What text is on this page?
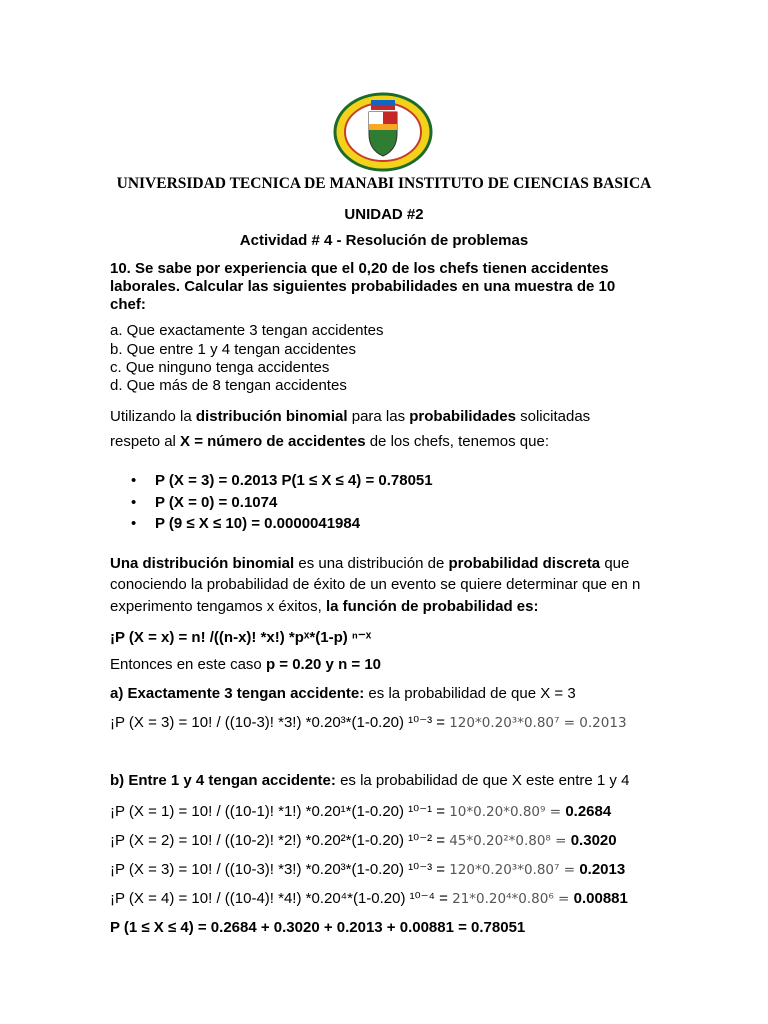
UNIVERSIDAD TECNICA DE MANABI INSTITUTO DE CIENCIAS BASICA
UNIDAD #2
Actividad # 4 - Resolución de problemas
10. Se sabe por experiencia que el 0,20 de los chefs tienen accidentes
laborales. Calcular las siguientes probabilidades en una muestra de 10
chef:
a. Que exactamente 3 tengan accidentes
b. Que entre 1 y 4 tengan accidentes
c. Que ninguno tenga accidentes
d. Que más de 8 tengan accidentes
Utilizando la distribución binomial para las probabilidades solicitadas
respeto al X = número de accidentes de los chefs, tenemos que:
• P (X = 3) = 0.2013 P(1 ≤ X ≤ 4) = 0.78051
• P (X = 0) = 0.1074
• P (9 ≤ X ≤ 10) = 0.0000041984
Una distribución binomial es una distribución de probabilidad discreta que
conociendo la probabilidad de éxito de un evento se quiere determinar que en n
experimento tengamos x éxitos, la función de probabilidad es:
¡P (X = x) = n! /((n-x)! *x!) *pˣ*(1-p) ⁿ⁻ˣ
Entonces en este caso p = 0.20 y n = 10
a) Exactamente 3 tengan accidente: es la probabilidad de que X = 3
¡P (X = 3) = 10! / ((10-3)! *3!) *0.20³*(1-0.20) ¹⁰⁻³ = 120*0.20³*0.80⁷ = 0.2013
b) Entre 1 y 4 tengan accidente: es la probabilidad de que X este entre 1 y 4
¡P (X = 1) = 10! / ((10-1)! *1!) *0.20¹*(1-0.20) ¹⁰⁻¹ = 10*0.20*0.80⁹ = 0.2684
¡P (X = 2) = 10! / ((10-2)! *2!) *0.20²*(1-0.20) ¹⁰⁻² = 45*0.20²*0.80⁸ = 0.3020
¡P (X = 3) = 10! / ((10-3)! *3!) *0.20³*(1-0.20) ¹⁰⁻³ = 120*0.20³*0.80⁷ = 0.2013
¡P (X = 4) = 10! / ((10-4)! *4!) *0.20⁴*(1-0.20) ¹⁰⁻⁴ = 21*0.20⁴*0.80⁶ = 0.00881
P (1 ≤ X ≤ 4) = 0.2684 + 0.3020 + 0.2013 + 0.00881 = 0.78051
